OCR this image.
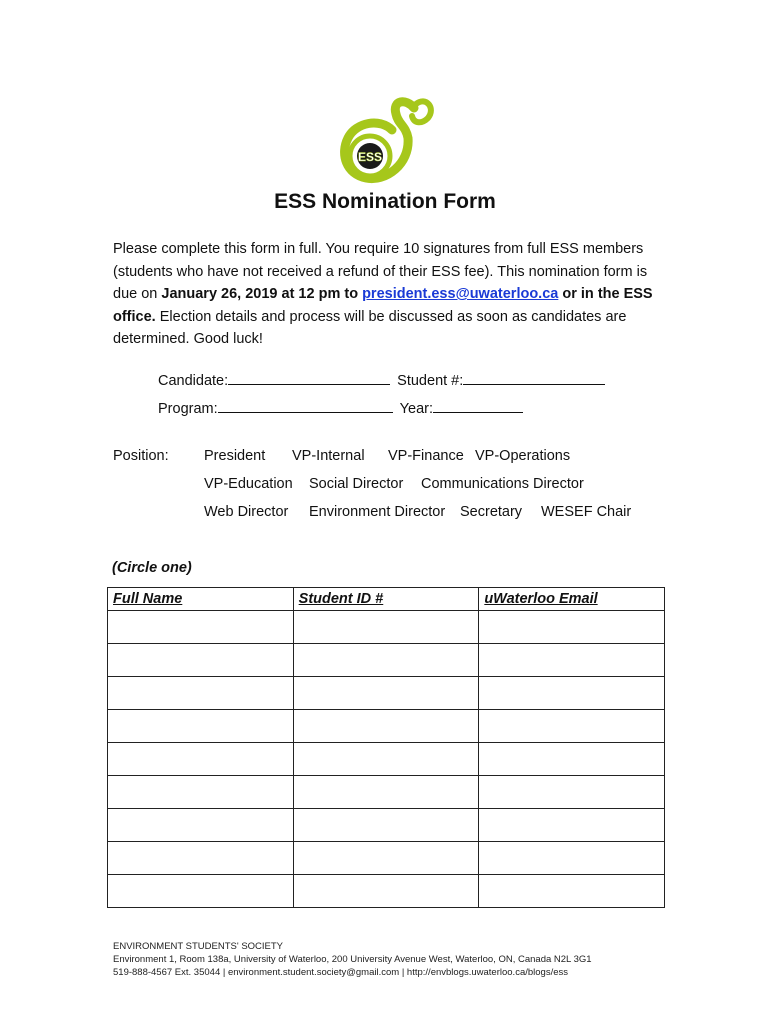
ESS
ESS Nomination Form
Please complete this form in full. You require 10 signatures from full ESS members (students who have not received a refund of their ESS fee). This nomination form is due on January 26, 2019 at 12 pm to president.ess@uwaterloo.ca or in the ESS office. Election details and process will be discussed as soon as candidates are determined. Good luck!
Candidate:	Student #:
Program:	Year:
Position: President VP-Internal VP-Finance VP-Operations
VP-Education Social Director Communications Director
Web Director Environment Director Secretary WESEF Chair
(Circle one)
Full Name	Student ID #	uWaterloo Email

ENVIRONMENT STUDENTS' SOCIETY
Environment 1, Room 138a, University of Waterloo, 200 University Avenue West, Waterloo, ON, Canada N2L 3G1
519-888-4567 Ext. 35044 | environment.student.society@gmail.com | http://envblogs.uwaterloo.ca/blogs/ess
